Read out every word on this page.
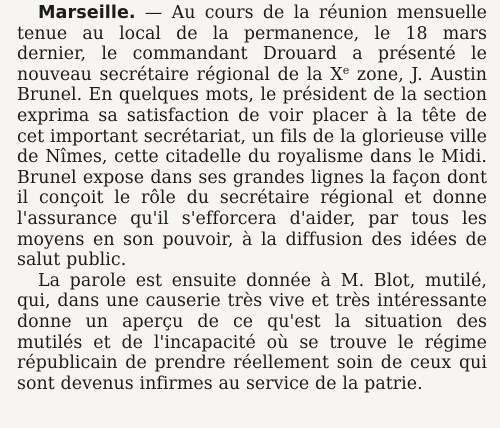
Marseille. — Au cours de la réunion mensuelle tenue au local de la permanence, le 18 mars dernier, le commandant Drouard a présenté le nouveau secrétaire régional de la Xe zone, J. Austin Brunel. En quelques mots, le président de la section exprima sa satisfaction de voir placer à la tête de cet important secrétariat, un fils de la glorieuse ville de Nîmes, cette citadelle du royalisme dans le Midi. Brunel expose dans ses grandes lignes la façon dont il conçoit le rôle du secrétaire régional et donne l'assurance qu'il s'efforcera d'aider, par tous les moyens en son pouvoir, à la diffusion des idées de salut public.

La parole est ensuite donnée à M. Blot, mutilé, qui, dans une causerie très vive et très intéressante donne un aperçu de ce qu'est la situation des mutilés et de l'incapacité où se trouve le régime républicain de prendre réellement soin de ceux qui sont devenus infirmes au service de la patrie.
